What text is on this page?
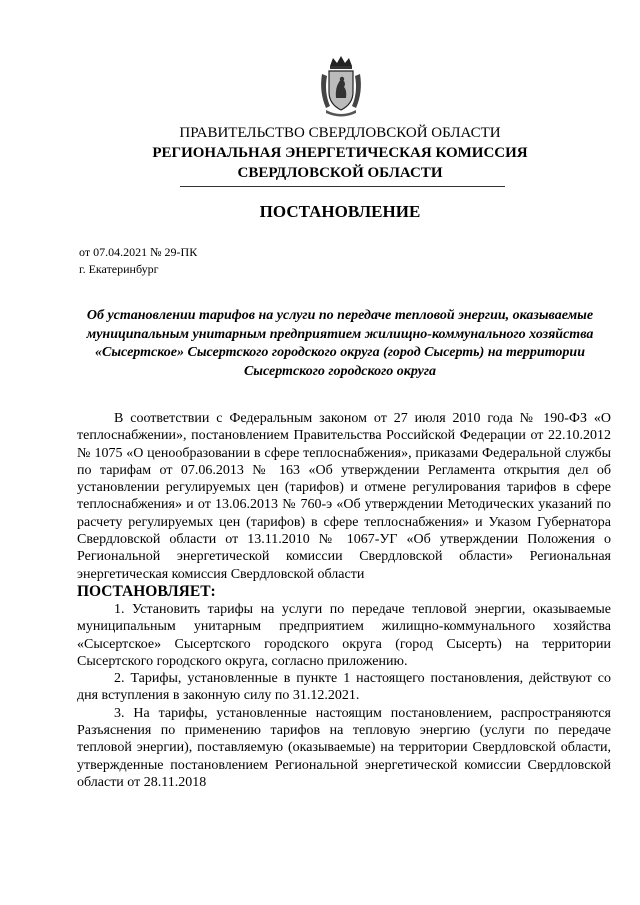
ПРАВИТЕЛЬСТВО СВЕРДЛОВСКОЙ ОБЛАСТИ
РЕГИОНАЛЬНАЯ ЭНЕРГЕТИЧЕСКАЯ КОМИССИЯ
СВЕРДЛОВСКОЙ ОБЛАСТИ
ПОСТАНОВЛЕНИЕ
от 07.04.2021 № 29-ПК
г. Екатеринбург
Об установлении тарифов на услуги по передаче тепловой энергии, оказываемые муниципальным унитарным предприятием жилищно-коммунального хозяйства «Сысертское» Сысертского городского округа (город Сысерть) на территории Сысертского городского округа

В соответствии с Федеральным законом от 27 июля 2010 года № 190-ФЗ «О теплоснабжении», постановлением Правительства Российской Федерации от 22.10.2012 № 1075 «О ценообразовании в сфере теплоснабжения», приказами Федеральной службы по тарифам от 07.06.2013 № 163 «Об утверждении Регламента открытия дел об установлении регулируемых цен (тарифов) и отмене регулирования тарифов в сфере теплоснабжения» и от 13.06.2013 № 760-э «Об утверждении Методических указаний по расчету регулируемых цен (тарифов) в сфере теплоснабжения» и Указом Губернатора Свердловской области от 13.11.2010 № 1067-УГ «Об утверждении Положения о Региональной энергетической комиссии Свердловской области» Региональная энергетическая комиссия Свердловской области

ПОСТАНОВЛЯЕТ:

1. Установить тарифы на услуги по передаче тепловой энергии, оказываемые муниципальным унитарным предприятием жилищно-коммунального хозяйства «Сысертское» Сысертского городского округа (город Сысерть) на территории Сысертского городского округа, согласно приложению.

2. Тарифы, установленные в пункте 1 настоящего постановления, действуют со дня вступления в законную силу по 31.12.2021.

3. На тарифы, установленные настоящим постановлением, распространяются Разъяснения по применению тарифов на тепловую энергию (услуги по передаче тепловой энергии), поставляемую (оказываемые) на территории Свердловской области, утвержденные постановлением Региональной энергетической комиссии Свердловской области от 28.11.2018
